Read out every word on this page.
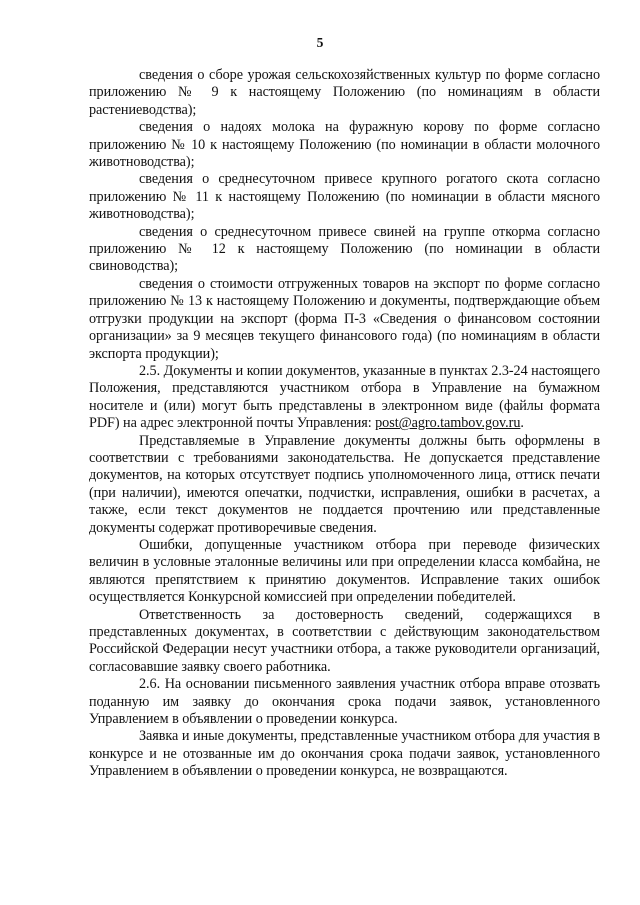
5

сведения о сборе урожая сельскохозяйственных культур по форме согласно приложению № 9 к настоящему Положению (по номинациям в области растениеводства);

сведения о надоях молока на фуражную корову по форме согласно приложению № 10 к настоящему Положению (по номинации в области молочного животноводства);

сведения о среднесуточном привесе крупного рогатого скота согласно приложению № 11 к настоящему Положению (по номинации в области мясного животноводства);

сведения о среднесуточном привесе свиней на группе откорма согласно приложению № 12 к настоящему Положению (по номинации в области свиноводства);

сведения о стоимости отгруженных товаров на экспорт по форме согласно приложению № 13 к настоящему Положению и документы, подтверждающие объем отгрузки продукции на экспорт (форма П-3 «Сведения о финансовом состоянии организации» за 9 месяцев текущего финансового года) (по номинациям в области экспорта продукции);

2.5. Документы и копии документов, указанные в пунктах 2.3-24 настоящего Положения, представляются участником отбора в Управление на бумажном носителе и (или) могут быть представлены в электронном виде (файлы формата PDF) на адрес электронной почты Управления: post@agro.tambov.gov.ru.

Представляемые в Управление документы должны быть оформлены в соответствии с требованиями законодательства. Не допускается представление документов, на которых отсутствует подпись уполномоченного лица, оттиск печати (при наличии), имеются опечатки, подчистки, исправления, ошибки в расчетах, а также, если текст документов не поддается прочтению или представленные документы содержат противоречивые сведения.

Ошибки, допущенные участником отбора при переводе физических величин в условные эталонные величины или при определении класса комбайна, не являются препятствием к принятию документов. Исправление таких ошибок осуществляется Конкурсной комиссией при определении победителей.

Ответственность за достоверность сведений, содержащихся в представленных документах, в соответствии с действующим законодательством Российской Федерации несут участники отбора, а также руководители организаций, согласовавшие заявку своего работника.

2.6. На основании письменного заявления участник отбора вправе отозвать поданную им заявку до окончания срока подачи заявок, установленного Управлением в объявлении о проведении конкурса.

Заявка и иные документы, представленные участником отбора для участия в конкурсе и не отозванные им до окончания срока подачи заявок, установленного Управлением в объявлении о проведении конкурса, не возвращаются.
